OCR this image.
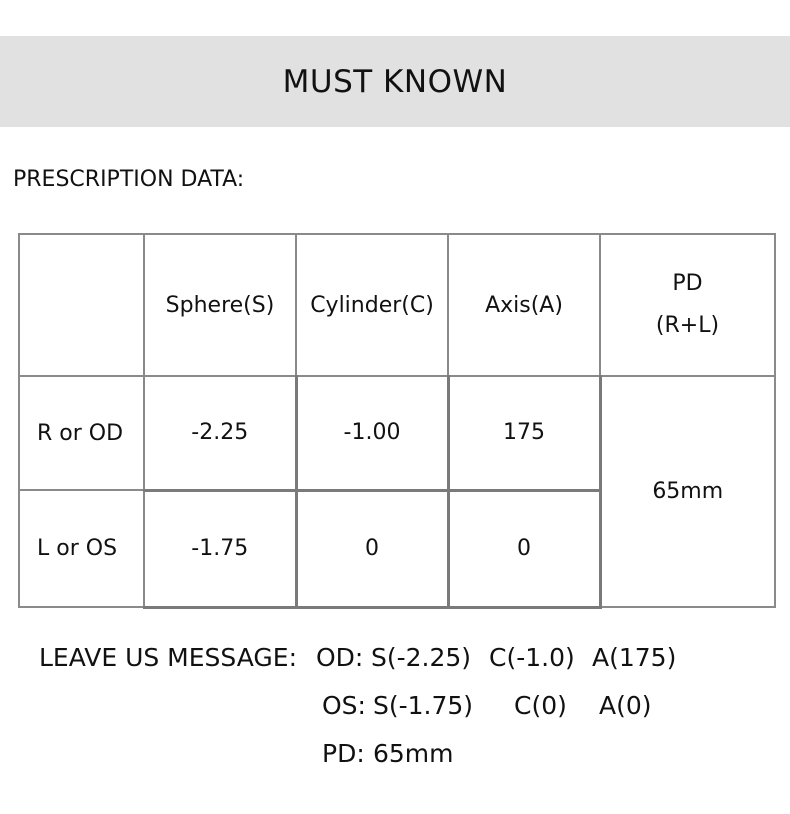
MUST KNOWN
PRESCRIPTION DATA:
	Sphere(S)	Cylinder(C)	Axis(A)	PD
(R+L)

R or OD	-2.25	-1.00	175	65mm
L or OS	-1.75	0	0	
LEAVE US MESSAGE: OD: S(-2.25) C(-1.0) A(175)
OS: S(-1.75) C(0) A(0)
PD: 65mm
